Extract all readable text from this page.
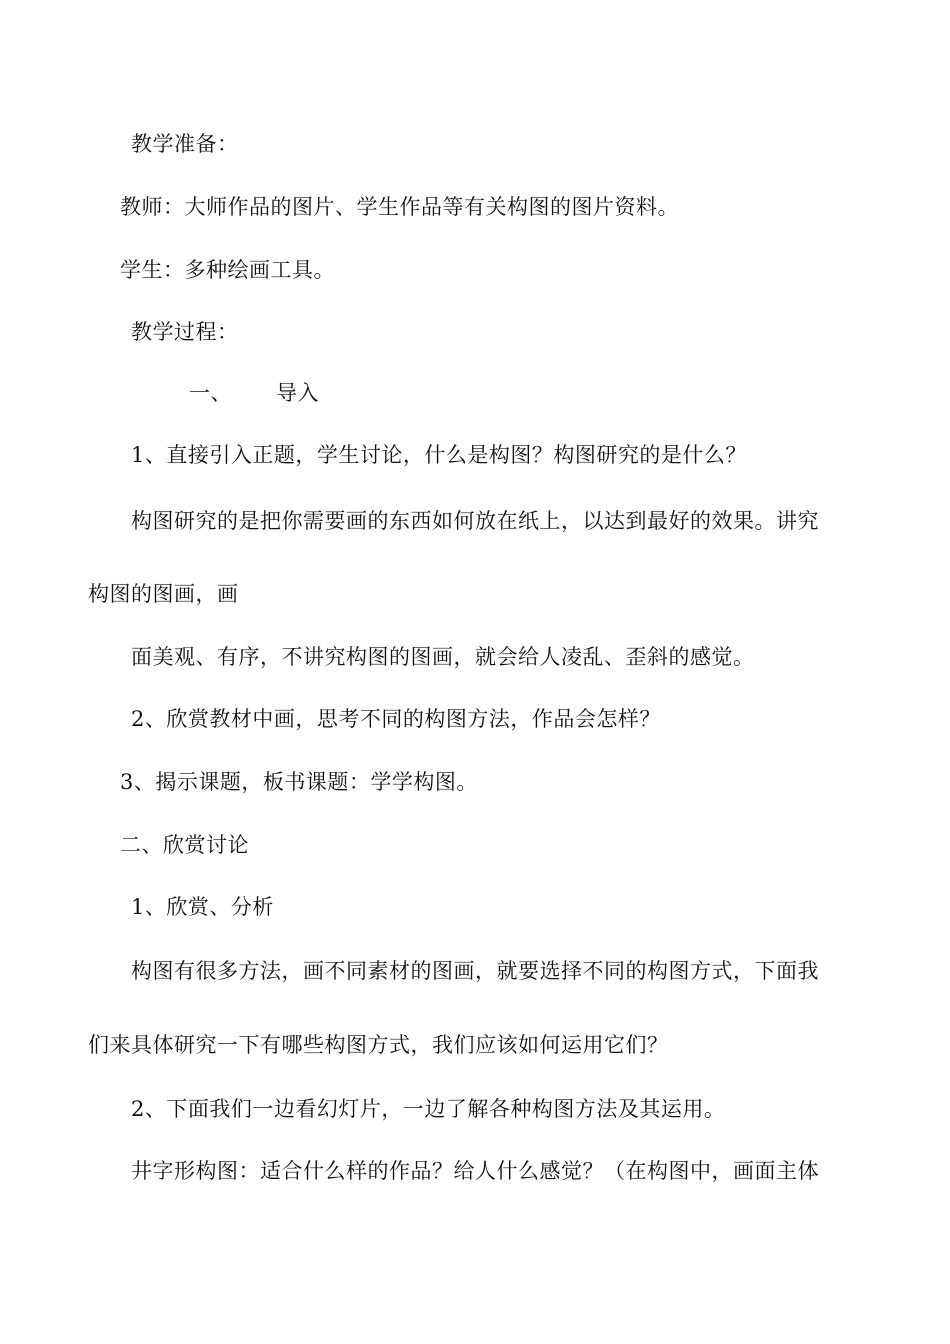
教学准备：
教师：大师作品的图片、学生作品等有关构图的图片资料。
学生：多种绘画工具。
教学过程：
一、 导入
1、直接引入正题，学生讨论，什么是构图？构图研究的是什么？
构图研究的是把你需要画的东西如何放在纸上，以达到最好的效果。讲究
构图的图画，画
面美观、有序，不讲究构图的图画，就会给人凌乱、歪斜的感觉。
2、欣赏教材中画，思考不同的构图方法，作品会怎样？
3、揭示课题，板书课题：学学构图。
二、欣赏讨论
1、欣赏、分析
构图有很多方法，画不同素材的图画，就要选择不同的构图方式，下面我
们来具体研究一下有哪些构图方式，我们应该如何运用它们？
2、下面我们一边看幻灯片，一边了解各种构图方法及其运用。
井字形构图：适合什么样的作品？给人什么感觉？（在构图中，画面主体
